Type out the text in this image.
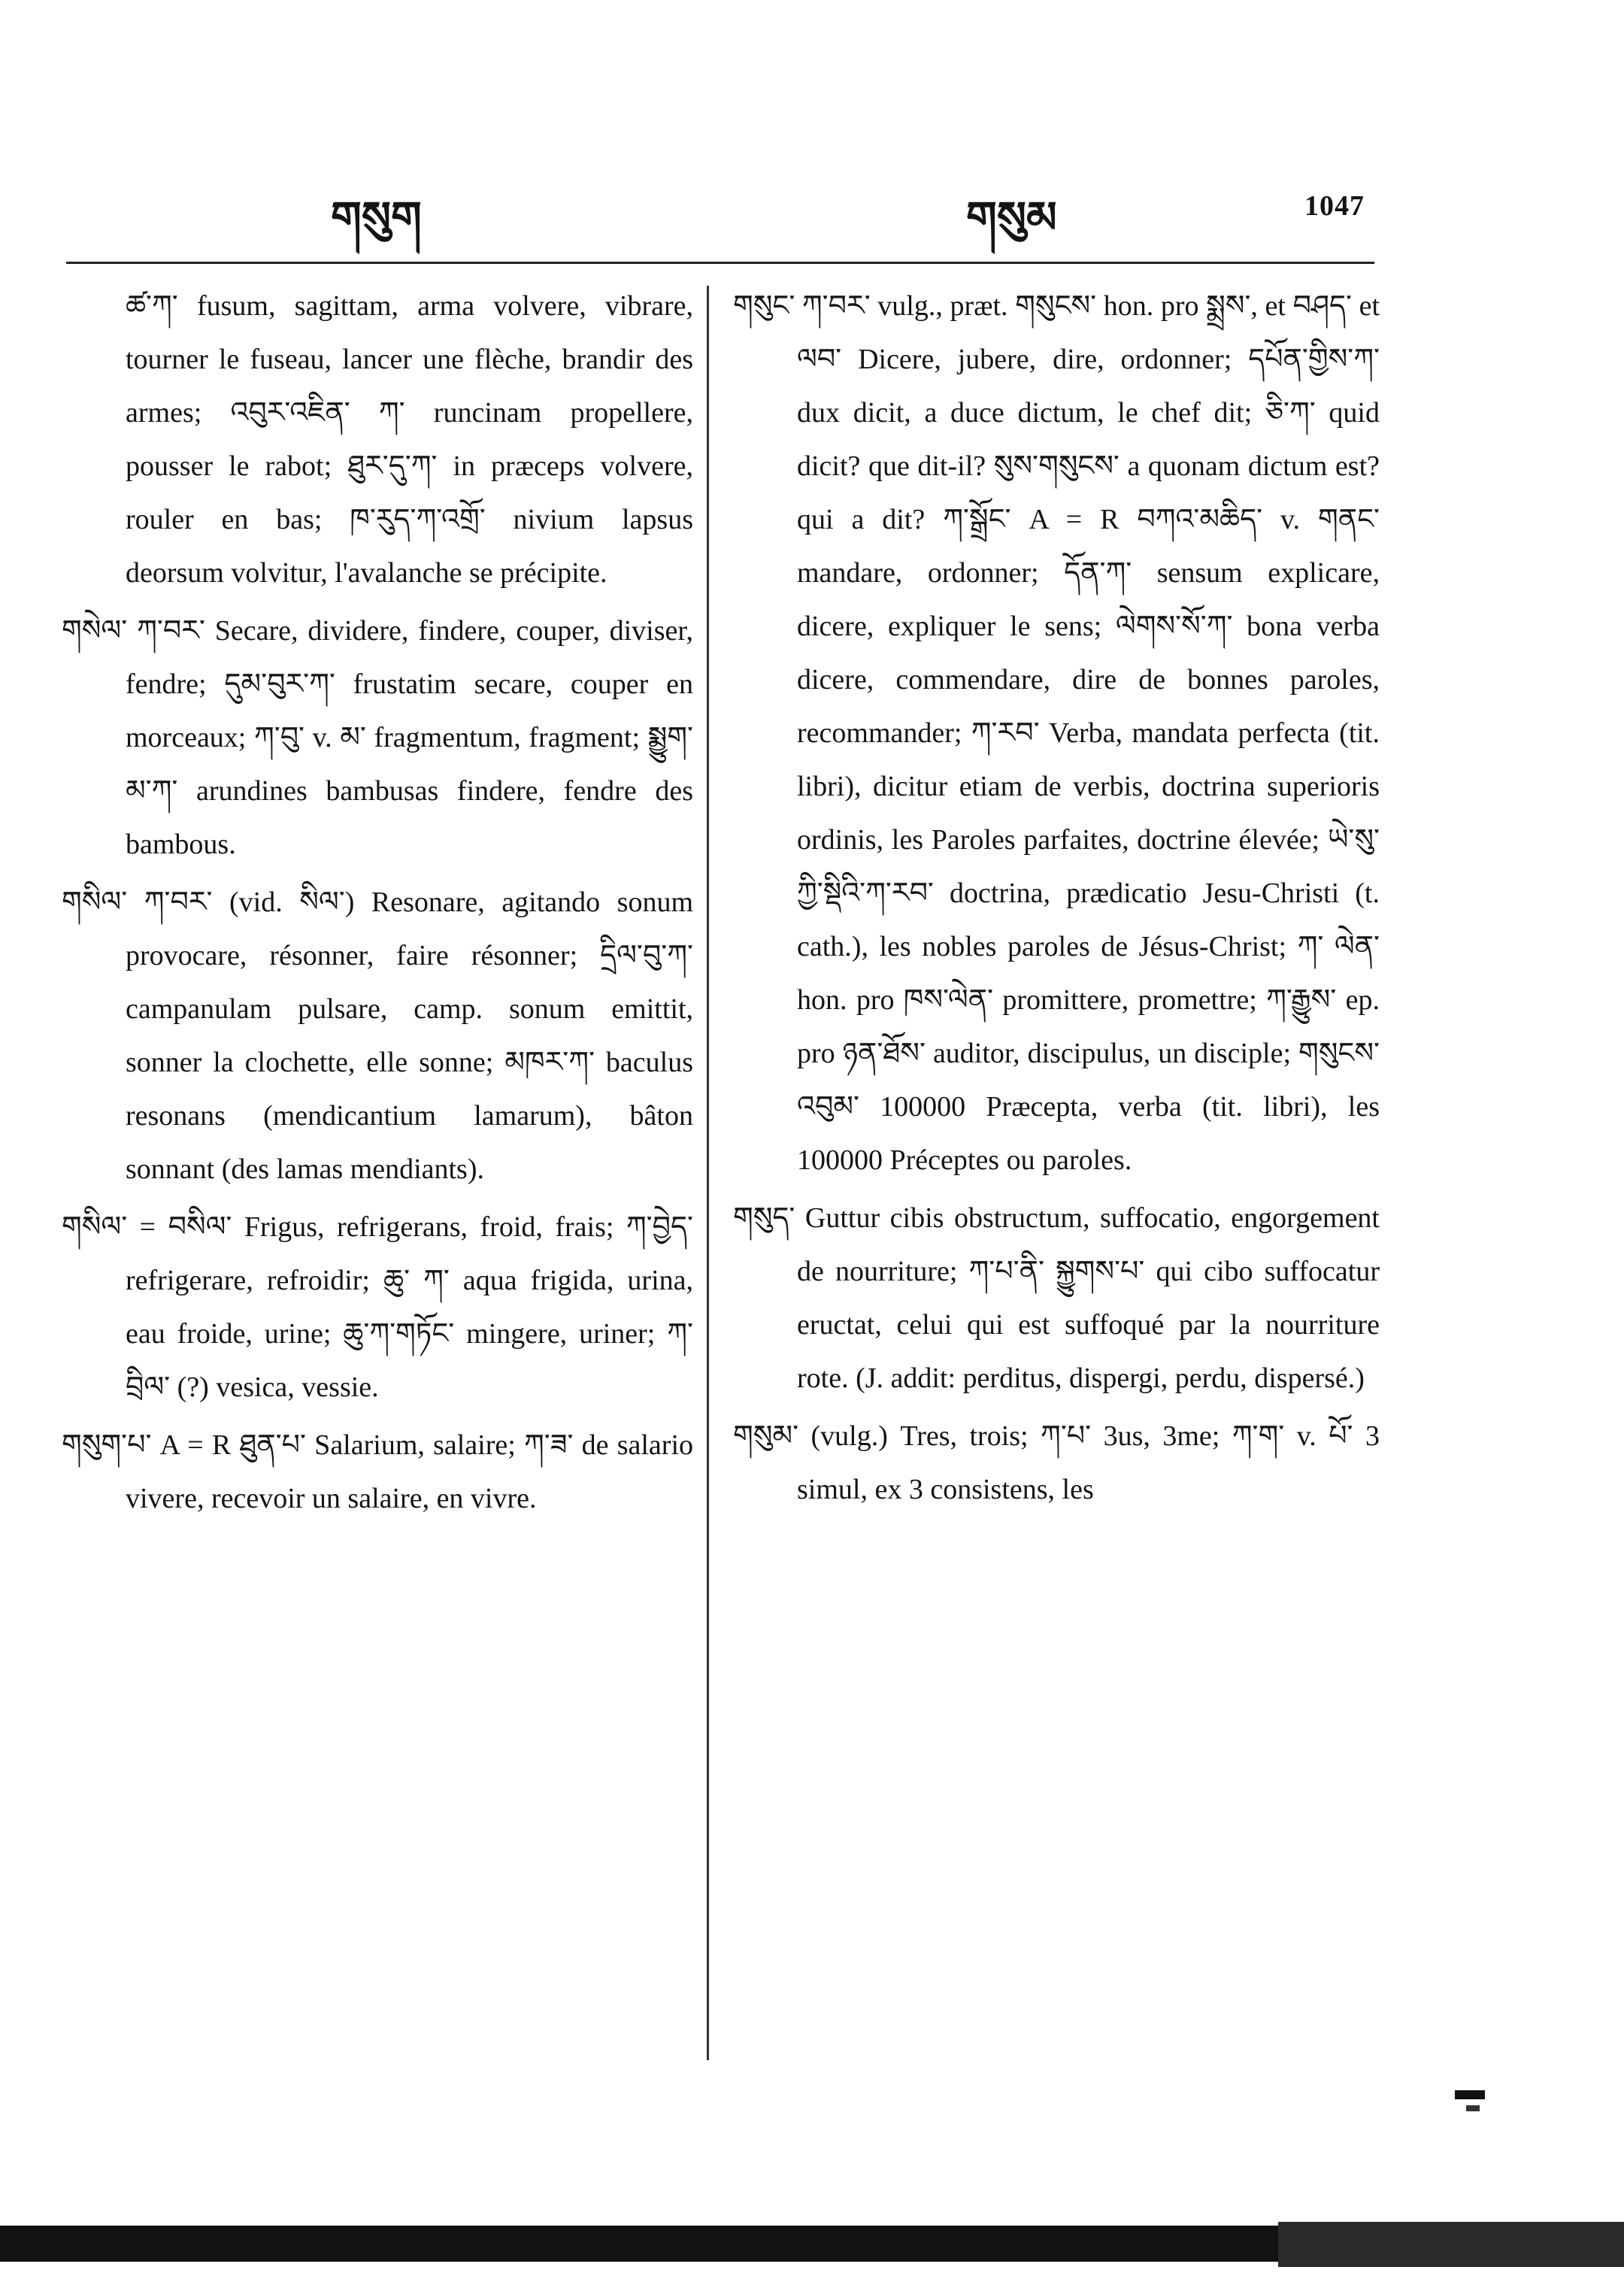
གསུག	གསུམ	1047

ཚ་ཀ་ fusum, sagittam, arma volvere, vibrare, tourner le fuseau, lancer une flèche, brandir des armes; འབུར་འཇིན་ ཀ་ runcinam propellere, pousser le rabot; ཐུར་དུ་ཀ་ in præceps volvere, rouler en bas; ཁ་རུད་ཀ་འགྲོ་ nivium lapsus deorsum volvitur, l'avalanche se précipite.

གསེལ་ ཀ་བར་ Secare, dividere, findere, couper, diviser, fendre; དུམ་བུར་ཀ་ frustatim secare, couper en morceaux; ཀ་བུ་ v. མ་ fragmentum, fragment; སྨྱུག་མ་ཀ་ arundines bambusas findere, fendre des bambous.

གསིལ་ ཀ་བར་ (vid. སིལ་) Resonare, agitando sonum provocare, résonner, faire résonner; དྲིལ་བུ་ཀ་ campanulam pulsare, camp. sonum emittit, sonner la clochette, elle sonne; མཁར་ཀ་ baculus resonans (mendicantium lamarum), bâton sonnant (des lamas mendiants).

གསིལ་ = བསིལ་ Frigus, refrigerans, froid, frais; ཀ་བྱེད་ refrigerare, refroidir; ཆུ་ ཀ་ aqua frigida, urina, eau froide, urine; ཆུ་ཀ་གཏོང་ mingere, uriner; ཀ་ བྲིལ་ (?) vesica, vessie.

གསུག་པ་ A = R ཐུན་པ་ Salarium, salaire; ཀ་ཟ་ de salario vivere, recevoir un salaire, en vivre.

གསུང་ ཀ་བར་ vulg., præt. གསུངས་ hon. pro སྨྲས་, et བཤད་ et ལབ་ Dicere, jubere, dire, ordonner; དཔོན་གྱིས་ཀ་ dux dicit, a duce dictum, le chef dit; ཅི་ཀ་ quid dicit? que dit-il? སུས་གསུངས་ a quonam dictum est? qui a dit? ཀ་སྒྲོང་ A = R བཀའ་མཆིད་ v. གནང་ mandare, ordonner; དོན་ཀ་ sensum explicare, dicere, expliquer le sens; ལེགས་སོ་ཀ་ bona verba dicere, commendare, dire de bonnes paroles, recommander; ཀ་རབ་ Verba, mandata perfecta (tit. libri), dicitur etiam de verbis, doctrina superioris ordinis, les Paroles parfaites, doctrine élevée; ཡེ་སུ་ཀྱི་སྡིའི་ཀ་རབ་ doctrina, prædicatio Jesu-Christi (t. cath.), les nobles paroles de Jésus-Christ; ཀ་ ལེན་ hon. pro ཁས་ལེན་ promittere, promettre; ཀ་རྒྱུས་ ep. pro ཉན་ཐོས་ auditor, discipulus, un disciple; གསུངས་ འབུམ་ 100000 Præcepta, verba (tit. libri), les 100000 Préceptes ou paroles.

གསུད་ Guttur cibis obstructum, suffocatio, engorgement de nourriture; ཀ་པ་ནི་ སྐྱུགས་པ་ qui cibo suffocatur eructat, celui qui est suffoqué par la nourriture rote. (J. addit: perditus, dispergi, perdu, dispersé.)

གསུམ་ (vulg.) Tres, trois; ཀ་པ་ 3us, 3me; ཀ་ག་ v. པོ་ 3 simul, ex 3 consistens, les
